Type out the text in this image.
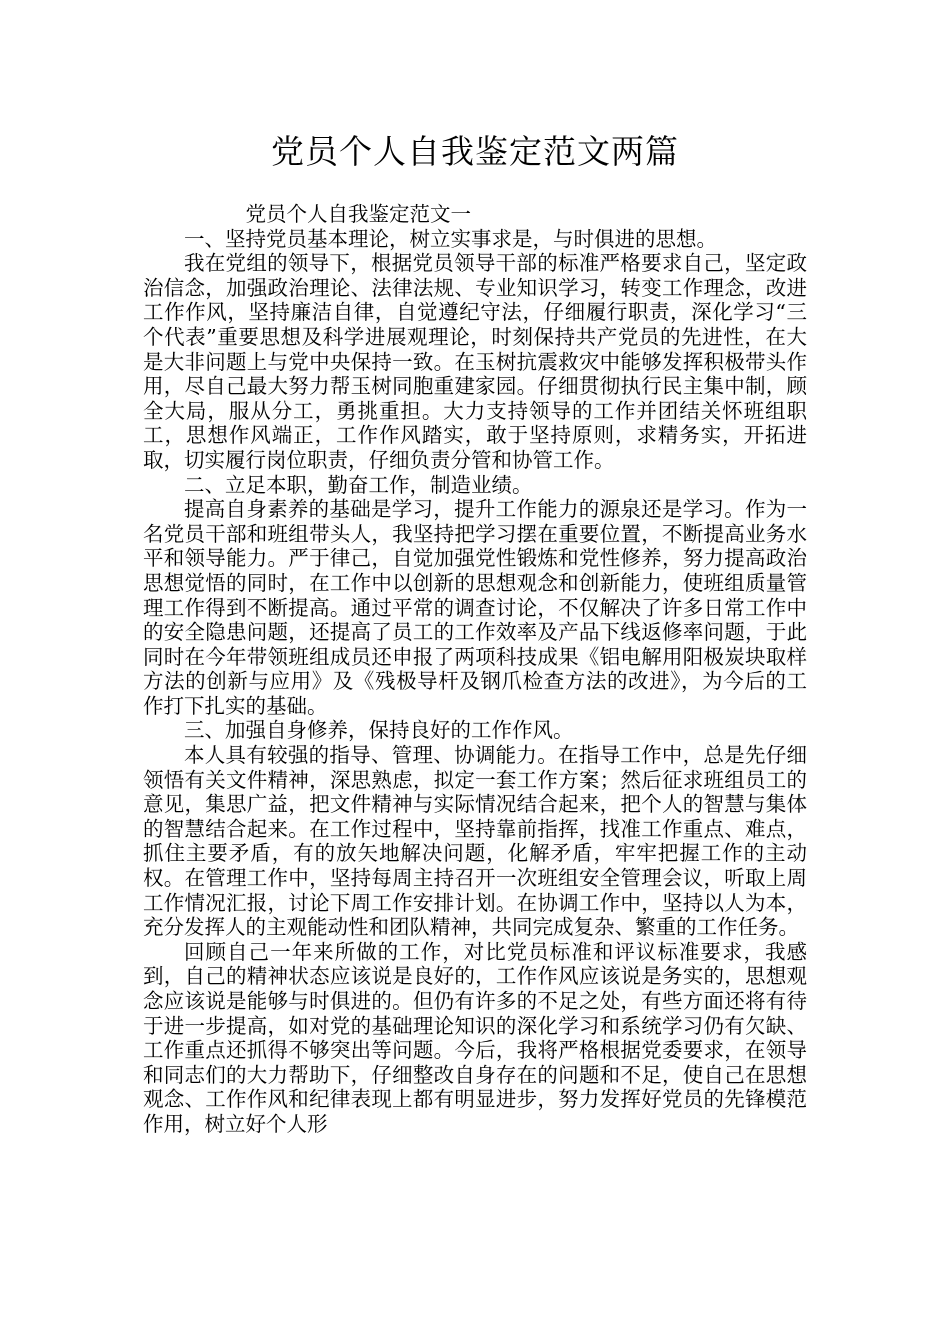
党员个人自我鉴定范文两篇

党员个人自我鉴定范文一

一、坚持党员基本理论，树立实事求是，与时俱进的思想。

我在党组的领导下，根据党员领导干部的标准严格要求自己，坚定政治信念，加强政治理论、法律法规、专业知识学习，转变工作理念，改进工作作风，坚持廉洁自律，自觉遵纪守法，仔细履行职责，深化学习“三个代表”重要思想及科学进展观理论，时刻保持共产党员的先进性，在大是大非问题上与党中央保持一致。在玉树抗震救灾中能够发挥积极带头作用，尽自己最大努力帮玉树同胞重建家园。仔细贯彻执行民主集中制，顾全大局，服从分工，勇挑重担。大力支持领导的工作并团结关怀班组职工，思想作风端正，工作作风踏实，敢于坚持原则，求精务实，开拓进取，切实履行岗位职责，仔细负责分管和协管工作。

二、立足本职，勤奋工作，制造业绩。

提高自身素养的基础是学习，提升工作能力的源泉还是学习。作为一名党员干部和班组带头人，我坚持把学习摆在重要位置，不断提高业务水平和领导能力。严于律己，自觉加强党性锻炼和党性修养，努力提高政治思想觉悟的同时，在工作中以创新的思想观念和创新能力，使班组质量管理工作得到不断提高。通过平常的调查讨论，不仅解决了许多日常工作中的安全隐患问题，还提高了员工的工作效率及产品下线返修率问题，于此同时在今年带领班组成员还申报了两项科技成果《铝电解用阳极炭块取样方法的创新与应用》及《残极导杆及钢爪检查方法的改进》，为今后的工作打下扎实的基础。

三、加强自身修养，保持良好的工作作风。

本人具有较强的指导、管理、协调能力。在指导工作中，总是先仔细领悟有关文件精神，深思熟虑，拟定一套工作方案；然后征求班组员工的意见，集思广益，把文件精神与实际情况结合起来，把个人的智慧与集体的智慧结合起来。在工作过程中，坚持靠前指挥，找准工作重点、难点，抓住主要矛盾，有的放矢地解决问题，化解矛盾，牢牢把握工作的主动权。在管理工作中，坚持每周主持召开一次班组安全管理会议，听取上周工作情况汇报，讨论下周工作安排计划。在协调工作中，坚持以人为本，充分发挥人的主观能动性和团队精神，共同完成复杂、繁重的工作任务。

回顾自己一年来所做的工作，对比党员标准和评议标准要求，我感到，自己的精神状态应该说是良好的，工作作风应该说是务实的，思想观念应该说是能够与时俱进的。但仍有许多的不足之处，有些方面还将有待于进一步提高，如对党的基础理论知识的深化学习和系统学习仍有欠缺、工作重点还抓得不够突出等问题。今后，我将严格根据党委要求，在领导和同志们的大力帮助下，仔细整改自身存在的问题和不足，使自己在思想观念、工作作风和纪律表现上都有明显进步，努力发挥好党员的先锋模范作用，树立好个人形
